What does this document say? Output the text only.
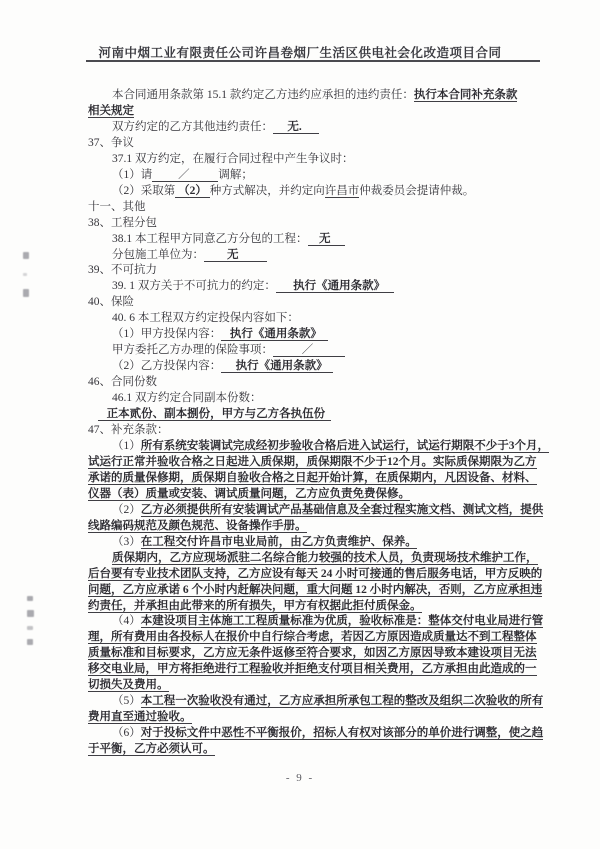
河南中烟工业有限责任公司许昌卷烟厂生活区供电社会化改造项目合同

本合同通用条款第 15.1 款约定乙方违约应承担的违约责任：执行本合同补充条款

相关规定

双方约定的乙方其他违约责任：     无.

37、争议

37.1 双方约定，在履行合同过程中产生争议时：

（1）请         ／          调解；

（2）采取第 （2） 种方式解决，并约定向许昌市仲裁委员会提请仲裁。

十一、其他

38、工程分包

38.1 本工程甲方同意乙方分包的工程：    无

分包施工单位为：        无

39、不可抗力

39. 1 双方关于不可抗力的约定：      执行《通用条款》

40、保险

40. 6 本工程双方约定投保内容如下：

（1）甲方投保内容：   执行《通用条款》

甲方委托乙方办理的保险事项：          ／

（2）乙方投保内容：     执行《通用条款》

46、合同份数

46.1 双方约定合同副本份数：

正本贰份、副本捌份，甲方与乙方各执伍份

47、补充条款：

（1）所有系统安装调试完成经初步验收合格后进入试运行，试运行期限不少于3个月，

试运行正常并验收合格之日起进入质保期，质保期限不少于12个月。实际质保期限为乙方

承诺的质量保修期，质保期自验收合格之日起开始计算，在质保期内，凡因设备、材料、

仪器（表）质量或安装、调试质量问题，乙方应负责免费保修。

（2）乙方必须提供所有安装调试产品基础信息及全套过程实施文档、测试文档，提供

线路编码规范及颜色规范、设备操作手册。

（3）在工程交付许昌市电业局前，由乙方负责维护、保养。

质保期内，乙方应现场派驻二名综合能力较强的技术人员，负责现场技术维护工作，

后台要有专业技术团队支持，乙方应设有每天 24 小时可接通的售后服务电话，甲方反映的

问题，乙方应承诺 6 个小时内赶解决问题，重大问题 12 小时内解决，否则，乙方应承担违

约责任，并承担由此带来的所有损失，甲方有权据此拒付质保金。

（4）本建设项目主体施工工程质量标准为优质，验收标准是：整体交付电业局进行管

理，所有费用由各投标人在报价中自行综合考虑，若因乙方原因造成质量达不到工程整体

质量标准和目标要求，乙方应无条件返修至符合要求，如因乙方原因导致本建设项目无法

移交电业局，甲方将拒绝进行工程验收并拒绝支付项目相关费用，乙方承担由此造成的一

切损失及费用。

（5）本工程一次验收没有通过，乙方应承担所承包工程的整改及组织二次验收的所有

费用直至通过验收。

（6）对于投标文件中恶性不平衡报价，招标人有权对该部分的单价进行调整，使之趋

于平衡，乙方必须认可。

- 9 -
